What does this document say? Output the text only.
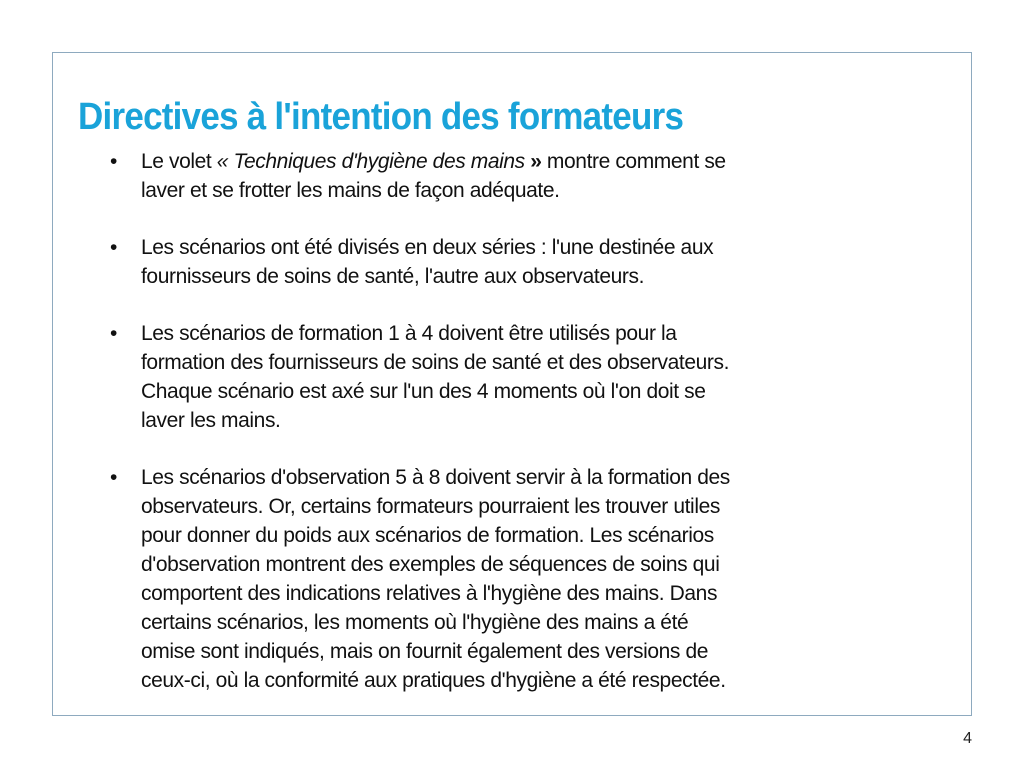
Directives à l'intention des formateurs
•	Le volet « Techniques d'hygiène des mains » montre comment se
laver et se frotter les mains de façon adéquate.
•	Les scénarios ont été divisés en deux séries : l'une destinée aux
fournisseurs de soins de santé, l'autre aux observateurs.
•	Les scénarios de formation 1 à 4 doivent être utilisés pour la
formation des fournisseurs de soins de santé et des observateurs.
Chaque scénario est axé sur l'un des 4 moments où l'on doit se
laver les mains.
•	Les scénarios d'observation 5 à 8 doivent servir à la formation des
observateurs. Or, certains formateurs pourraient les trouver utiles
pour donner du poids aux scénarios de formation. Les scénarios
d'observation montrent des exemples de séquences de soins qui
comportent des indications relatives à l'hygiène des mains. Dans
certains scénarios, les moments où l'hygiène des mains a été
omise sont indiqués, mais on fournit également des versions de
ceux-ci, où la conformité aux pratiques d'hygiène a été respectée.
4
